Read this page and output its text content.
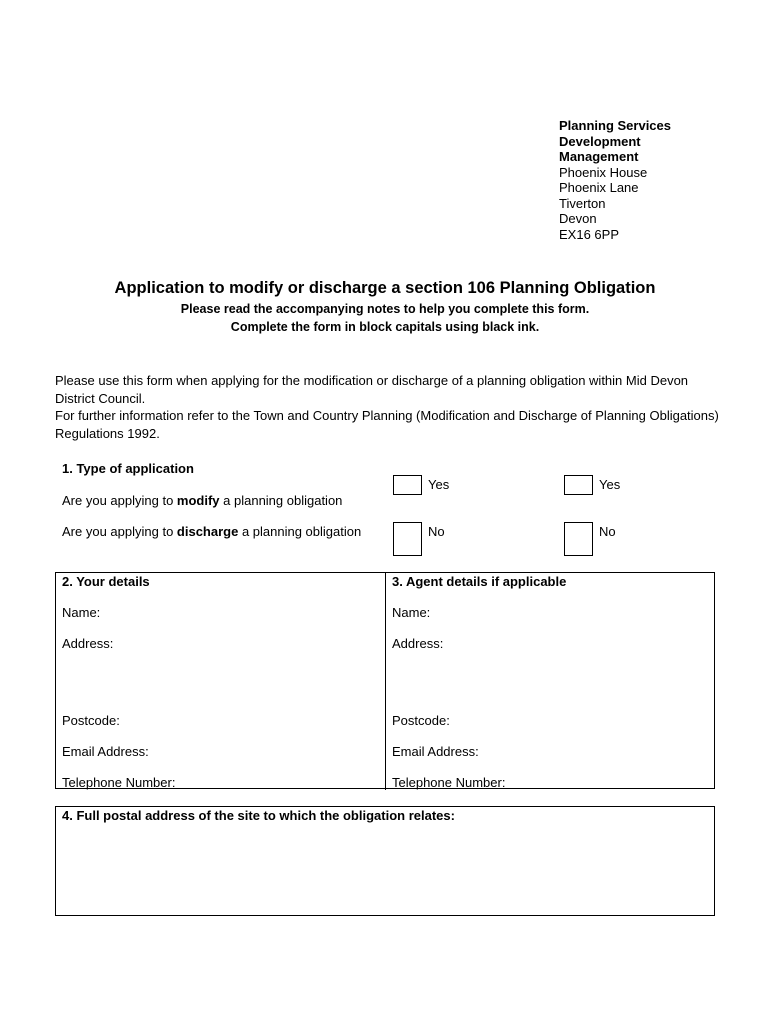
Planning Services
Development
Management
Phoenix House
Phoenix Lane
Tiverton
Devon
EX16 6PP
Application to modify or discharge a section 106 Planning Obligation
Please read the accompanying notes to help you complete this form.
Complete the form in block capitals using black ink.

Please use this form when applying for the modification or discharge of a planning obligation within Mid Devon District Council.

For further information refer to the Town and Country Planning (Modification and Discharge of Planning Obligations) Regulations 1992.

1. Type of application
Are you applying to modify a planning obligation
Are you applying to discharge a planning obligation
Yes	Yes
No	No
2. Your details
Name:
Address:
Postcode:
Email Address:
Telephone Number:
3. Agent details if applicable
Name:
Address:
Postcode:
Email Address:
Telephone Number:
4. Full postal address of the site to which the obligation relates:
